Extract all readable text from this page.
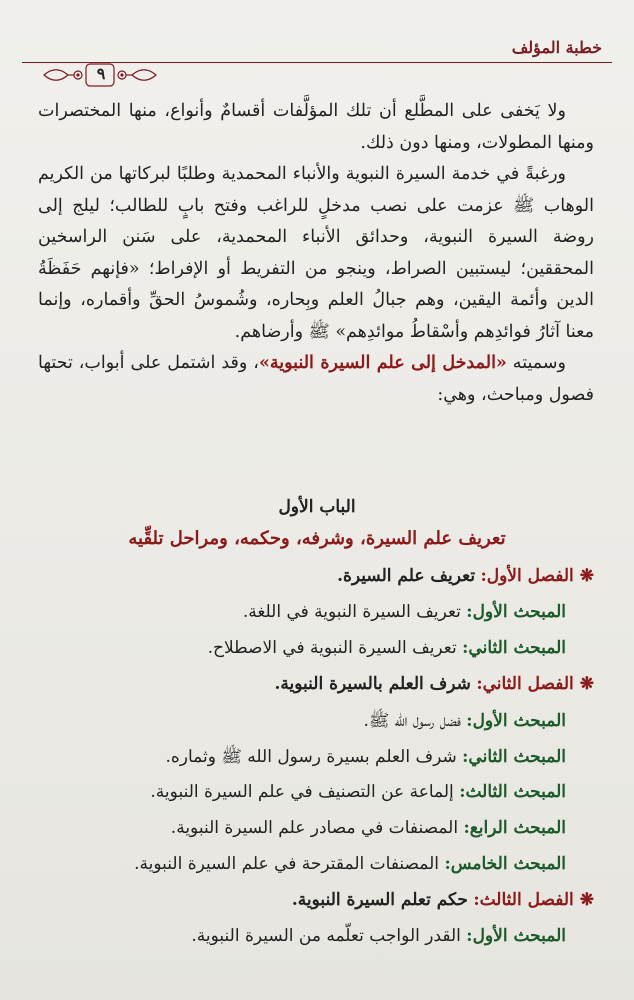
خطبة المؤلف
٩

ولا يَخفى على المطَّلع أن تلك المؤلَّفات أقسامٌ وأنواع، منها المختصرات ومنها المطولات، ومنها دون ذلك.

ورغبةً في خدمة السيرة النبوية والأنباء المحمدية وطلبًا لبركاتها من الكريم الوهاب ﷺ عزمت على نصب مدخلٍ للراغب وفتح بابٍ للطالب؛ ليلج إلى روضة السيرة النبوية، وحدائق الأنباء المحمدية، على سَنن الراسخين المحققين؛ ليستبين الصراط، وينجو من التفريط أو الإفراط؛ «فإنهم حَفَظَةُ الدين وأئمة اليقين، وهم جبالُ العلم وبِحاره، وشُموسُ الحقِّ وأقماره، وإنما معنا آثارُ فوائدِهم وأسْقاطُ موائدِهم» ﷺ وأرضاهم.

وسميته «المدخل إلى علم السيرة النبوية»، وقد اشتمل على أبواب، تحتها فصول ومباحث، وهي:

الباب الأول
تعريف علم السيرة، وشرفه، وحكمه، ومراحل تلقِّيه
❋الفصل الأول: تعريف علم السيرة.
المبحث الأول: تعريف السيرة النبوية في اللغة.
المبحث الثاني: تعريف السيرة النبوية في الاصطلاح.
❋الفصل الثاني: شرف العلم بالسيرة النبوية.
المبحث الأول: فضل رسول الله ﷺ.
المبحث الثاني: شرف العلم بسيرة رسول الله ﷺ وثماره.
المبحث الثالث: إلماعة عن التصنيف في علم السيرة النبوية.
المبحث الرابع: المصنفات في مصادر علم السيرة النبوية.
المبحث الخامس: المصنفات المقترحة في علم السيرة النبوية.
❋الفصل الثالث: حكم تعلم السيرة النبوية.
المبحث الأول: القدر الواجب تعلّمه من السيرة النبوية.
